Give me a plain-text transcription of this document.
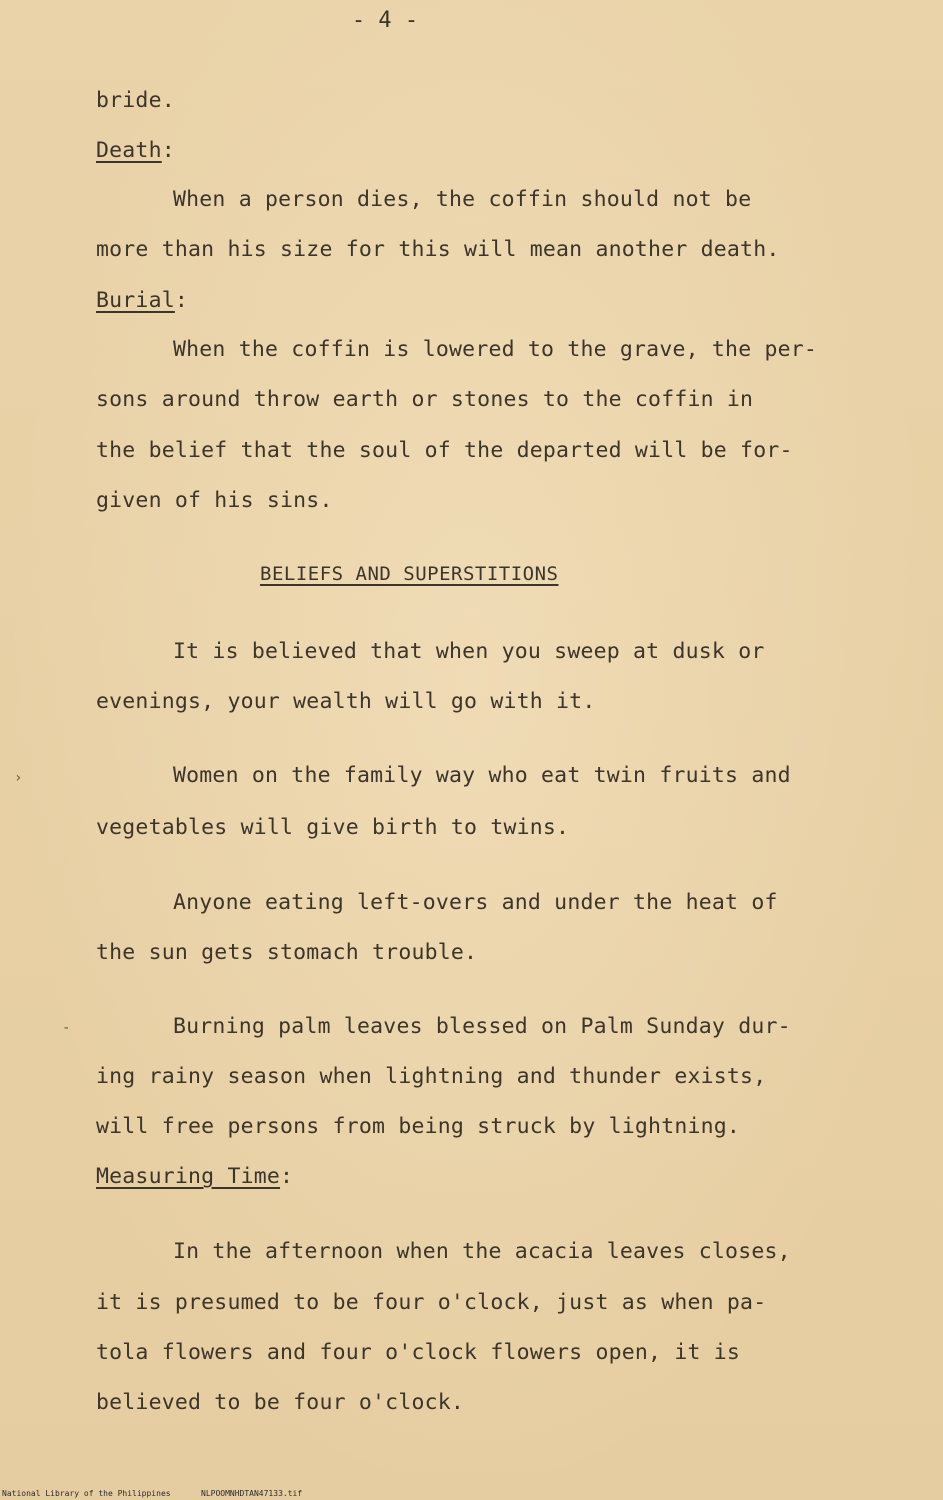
- 4 -
bride.
Death:
When a person dies, the coffin should not be
more than his size for this will mean another death.
Burial:
When the coffin is lowered to the grave, the per-
sons around throw earth or stones to the coffin in
the belief that the soul of the departed will be for-
given of his sins.
BELIEFS AND SUPERSTITIONS
It is believed that when you sweep at dusk or
evenings, your wealth will go with it.
Women on the family way who eat twin fruits and
vegetables will give birth to twins.
Anyone eating left-overs and under the heat of
the sun gets stomach trouble.
Burning palm leaves blessed on Palm Sunday dur-
ing rainy season when lightning and thunder exists,
will free persons from being struck by lightning.
Measuring Time:
In the afternoon when the acacia leaves closes,
it is presumed to be four o'clock, just as when pa-
tola flowers and four o'clock flowers open, it is
believed to be four o'clock.
›
-
National Library of the Philippines	NLPOOMNHDTAN47133.tif
